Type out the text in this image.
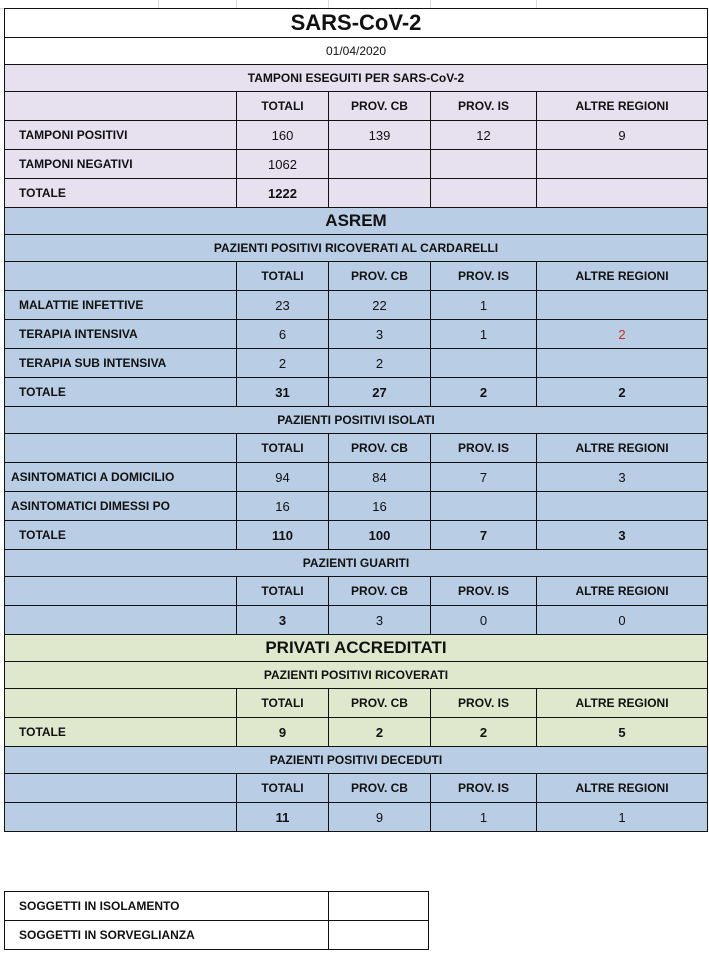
SARS-CoV-2				
01/04/2020				
TAMPONI ESEGUITI PER SARS-CoV-2				
	TOTALI	PROV. CB	PROV. IS	ALTRE REGIONI
TAMPONI POSITIVI	160	139	12	9
TAMPONI NEGATIVI	1062			
TOTALE	1222			
ASREM				
PAZIENTI POSITIVI RICOVERATI AL CARDARELLI				
	TOTALI	PROV. CB	PROV. IS	ALTRE REGIONI
MALATTIE INFETTIVE	23	22	1	
TERAPIA INTENSIVA	6	3	1	2
TERAPIA SUB INTENSIVA	2	2		
TOTALE	31	27	2	2
PAZIENTI POSITIVI ISOLATI				
	TOTALI	PROV. CB	PROV. IS	ALTRE REGIONI
ASINTOMATICI A DOMICILIO	94	84	7	3
ASINTOMATICI DIMESSI PO	16	16		
TOTALE	110	100	7	3
PAZIENTI GUARITI				
	TOTALI	PROV. CB	PROV. IS	ALTRE REGIONI
	3	3	0	0
PRIVATI ACCREDITATI				
PAZIENTI POSITIVI RICOVERATI				
	TOTALI	PROV. CB	PROV. IS	ALTRE REGIONI
TOTALE	9	2	2	5
PAZIENTI POSITIVI DECEDUTI				
	TOTALI	PROV. CB	PROV. IS	ALTRE REGIONI
	11	9	1	1
SOGGETTI IN ISOLAMENTO	
SOGGETTI IN SORVEGLIANZA	
